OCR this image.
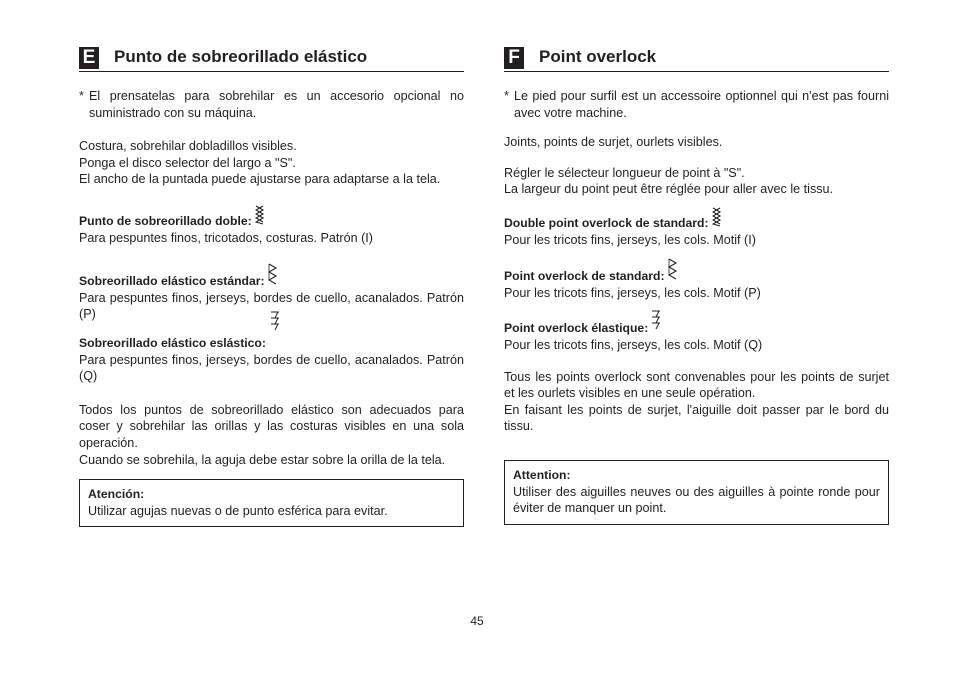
E Punto de sobreorillado elástico
* El prensatelas para sobrehilar es un accesorio opcional no suministrado con su máquina.

Costura, sobrehilar dobladillos visibles.

Ponga el disco selector del largo a "S".

El ancho de la puntada puede ajustarse para adaptarse a la tela.

Punto de sobreorillado doble:

Para pespuntes finos, tricotados, costuras. Patrón (I)

Sobreorillado elástico estándar:

Para pespuntes finos, jerseys, bordes de cuello, acanalados. Patrón (P)

Sobreorillado elástico eslástico:

Para pespuntes finos, jerseys, bordes de cuello, acanalados. Patrón (Q)

Todos los puntos de sobreorillado elástico son adecuados para coser y sobrehilar las orillas y las costuras visibles en una sola operación.

Cuando se sobrehila, la aguja debe estar sobre la orilla de la tela.

Atención:
Utilizar agujas nuevas o de punto esférica para evitar.
F Point overlock
* Le pied pour surfil est un accessoire optionnel qui n'est pas fourni avec votre machine.

Joints, points de surjet, ourlets visibles.

Régler le sélecteur longueur de point à "S".

La largeur du point peut être réglée pour aller avec le tissu.

Double point overlock de standard:

Pour les tricots fins, jerseys, les cols. Motif (I)

Point overlock de standard:

Pour les tricots fins, jerseys, les cols. Motif (P)

Point overlock élastique:

Pour les tricots fins, jerseys, les cols. Motif (Q)

Tous les points overlock sont convenables pour les points de surjet et les ourlets visibles en une seule opération.

En faisant les points de surjet, l'aiguille doit passer par le bord du tissu.

Attention:
Utiliser des aiguilles neuves ou des aiguilles à pointe ronde pour éviter de manquer un point.
45
